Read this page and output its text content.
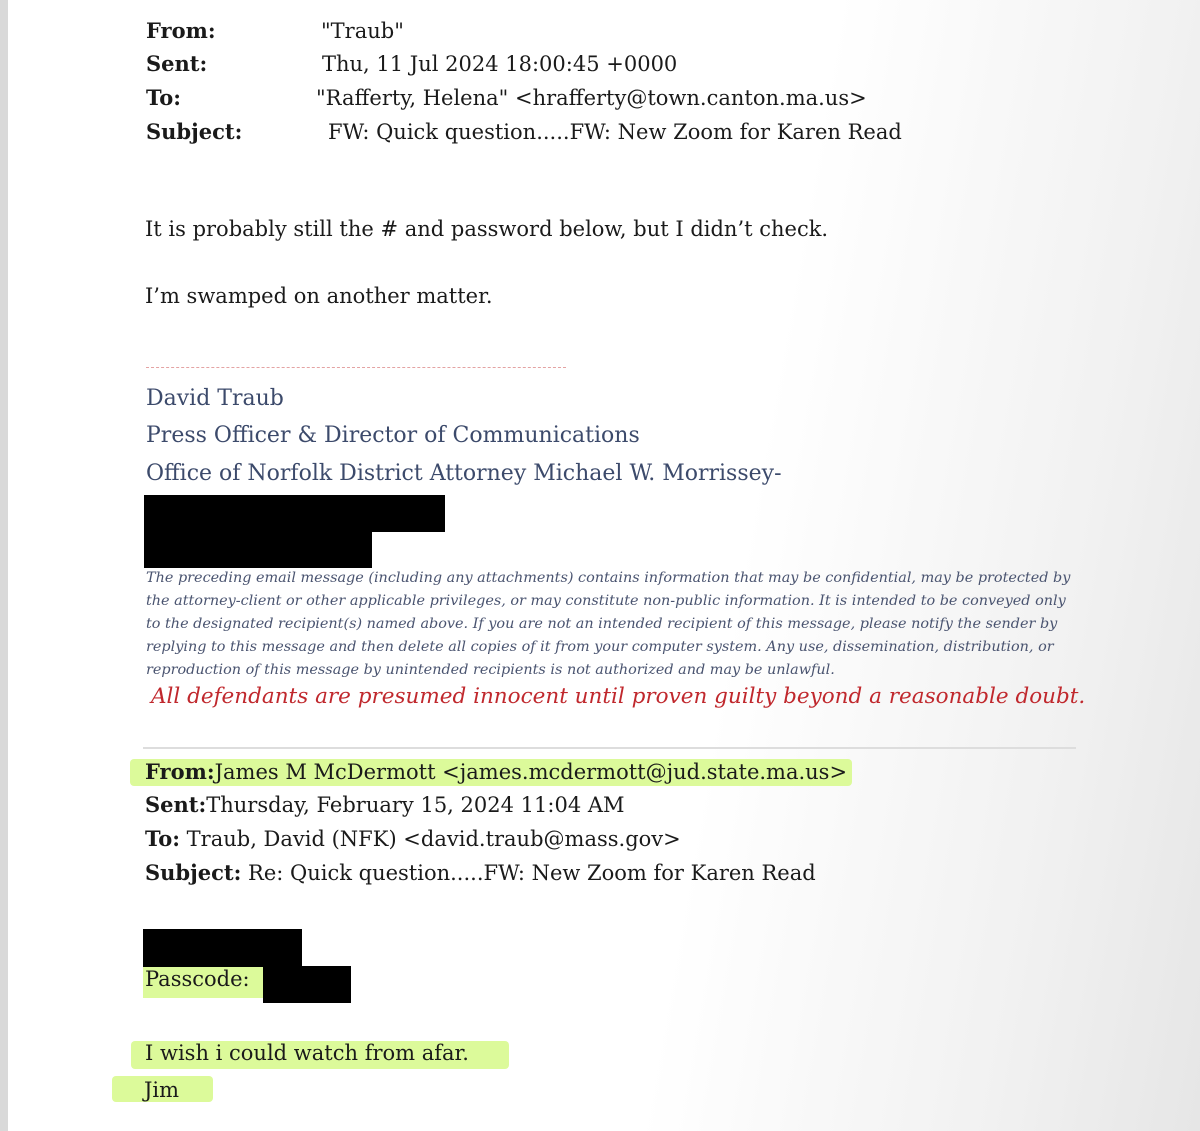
From:	"Traub"
Sent:	Thu, 11 Jul 2024 18:00:45 +0000
To:	"Rafferty, Helena" <hrafferty@town.canton.ma.us>
Subject:	FW: Quick question.....FW: New Zoom for Karen Read
It is probably still the # and password below, but I didn’t check.
I’m swamped on another matter.
David Traub
Press Officer & Director of Communications
Office of Norfolk District Attorney Michael W. Morrissey-
The preceding email message (including any attachments) contains information that may be confidential, may be protected by the attorney-client or other applicable privileges, or may constitute non-public information. It is intended to be conveyed only to the designated recipient(s) named above. If you are not an intended recipient of this message, please notify the sender by replying to this message and then delete all copies of it from your computer system. Any use, dissemination, distribution, or reproduction of this message by unintended recipients is not authorized and may be unlawful.
All defendants are presumed innocent until proven guilty beyond a reasonable doubt.
From:James M McDermott <james.mcdermott@jud.state.ma.us>
Sent:Thursday, February 15, 2024 11:04 AM
To: Traub, David (NFK) <david.traub@mass.gov>
Subject: Re: Quick question.....FW: New Zoom for Karen Read
Passcode:
I wish i could watch from afar.
Jim
